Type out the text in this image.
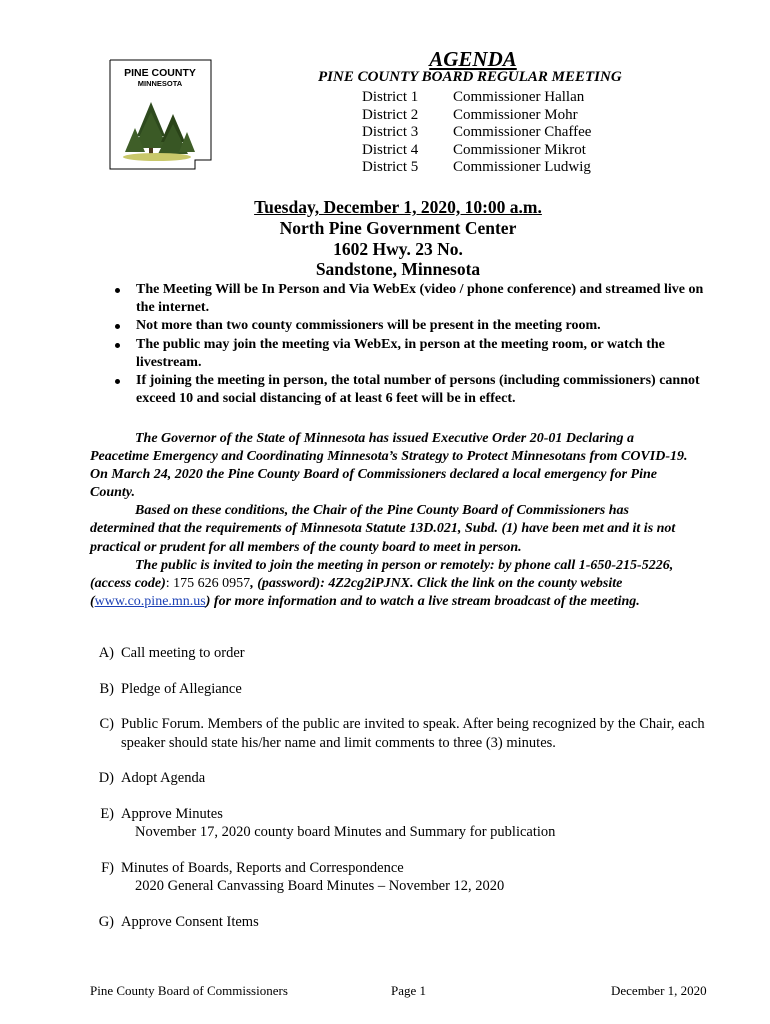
PINE COUNTY
MINNESOTA
AGENDA
PINE COUNTY BOARD REGULAR MEETING
District 1	Commissioner Hallan
District 2	Commissioner Mohr
District 3	Commissioner Chaffee
District 4	Commissioner Mikrot
District 5	Commissioner Ludwig
Tuesday, December 1, 2020, 10:00 a.m.
North Pine Government Center
1602 Hwy. 23 No.
Sandstone, Minnesota
The Meeting Will be In Person and Via WebEx (video / phone conference) and streamed live on the internet.
Not more than two county commissioners will be present in the meeting room.
The public may join the meeting via WebEx, in person at the meeting room, or watch the livestream.
If joining the meeting in person, the total number of persons (including commissioners) cannot exceed 10 and social distancing of at least 6 feet will be in effect.

The Governor of the State of Minnesota has issued Executive Order 20-01 Declaring a Peacetime Emergency and Coordinating Minnesota’s Strategy to Protect Minnesotans from COVID-19. On March 24, 2020 the Pine County Board of Commissioners declared a local emergency for Pine County.

Based on these conditions, the Chair of the Pine County Board of Commissioners has determined that the requirements of Minnesota Statute 13D.021, Subd. (1) have been met and it is not practical or prudent for all members of the county board to meet in person.

The public is invited to join the meeting in person or remotely: by phone call 1-650-215-5226, (access code): 175 626 0957, (password): 4Z2cg2iPJNX. Click the link on the county website (www.co.pine.mn.us) for more information and to watch a live stream broadcast of the meeting.

A) Call meeting to order
B) Pledge of Allegiance
C) Public Forum. Members of the public are invited to speak. After being recognized by the Chair, each speaker should state his/her name and limit comments to three (3) minutes.
D) Adopt Agenda
E) Approve Minutes
November 17, 2020 county board Minutes and Summary for publication
F) Minutes of Boards, Reports and Correspondence
2020 General Canvassing Board Minutes – November 12, 2020
G) Approve Consent Items
Pine County Board of Commissioners	Page 1	December 1, 2020
